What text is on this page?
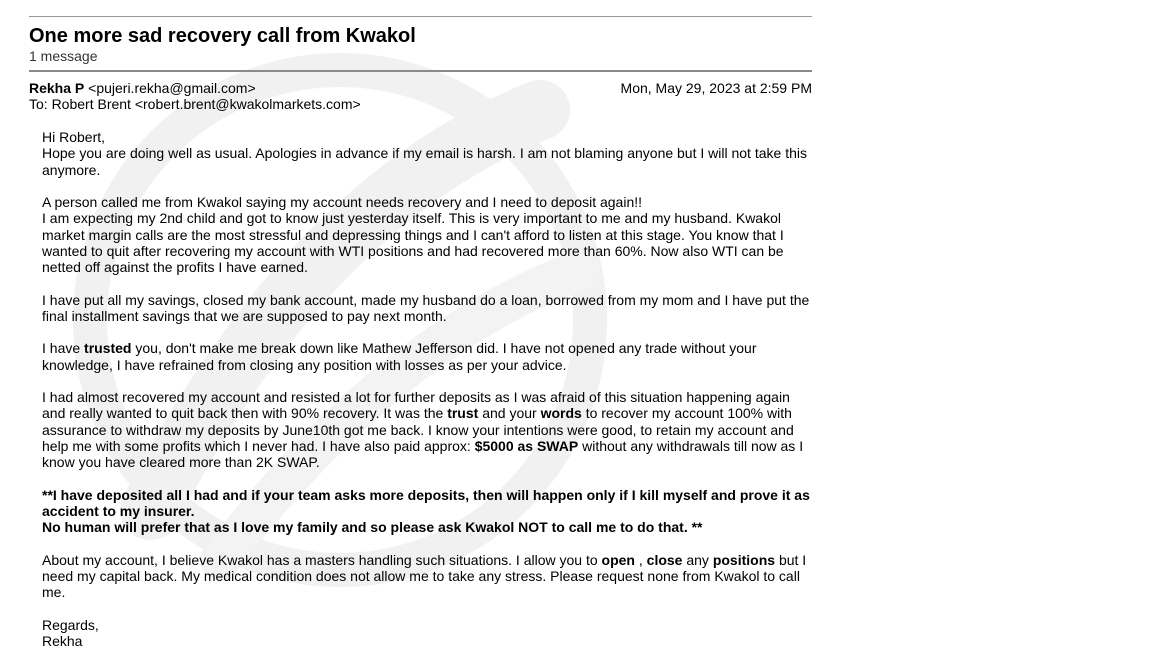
One more sad recovery call from Kwakol
1 message
Rekha P <pujeri.rekha@gmail.com>	Mon, May 29, 2023 at 2:59 PM
To: Robert Brent <robert.brent@kwakolmarkets.com>

Hi Robert,

Hope you are doing well as usual. Apologies in advance if my email is harsh. I am not blaming anyone but I will not take this anymore.

A person called me from Kwakol saying my account needs recovery and I need to deposit again!!

I am expecting my 2nd child and got to know just yesterday itself. This is very important to me and my husband. Kwakol market margin calls are the most stressful and depressing things and I can't afford to listen at this stage. You know that I wanted to quit after recovering my account with WTI positions and had recovered more than 60%. Now also WTI can be netted off against the profits I have earned.

I have put all my savings, closed my bank account, made my husband do a loan, borrowed from my mom and I have put the final installment savings that we are supposed to pay next month.

I have trusted you, don't make me break down like Mathew Jefferson did. I have not opened any trade without your knowledge, I have refrained from closing any position with losses as per your advice.

I had almost recovered my account and resisted a lot for further deposits as I was afraid of this situation happening again and really wanted to quit back then with 90% recovery. It was the trust and your words to recover my account 100% with assurance to withdraw my deposits by June10th got me back. I know your intentions were good, to retain my account and help me with some profits which I never had. I have also paid approx: $5000 as SWAP without any withdrawals till now as I know you have cleared more than 2K SWAP.

**I have deposited all I had and if your team asks more deposits, then will happen only if I kill myself and prove it as accident to my insurer.

No human will prefer that as I love my family and so please ask Kwakol NOT to call me to do that. **

About my account, I believe Kwakol has a masters handling such situations. I allow you to open , close any positions but I need my capital back. My medical condition does not allow me to take any stress. Please request none from Kwakol to call me.

Regards,

Rekha
